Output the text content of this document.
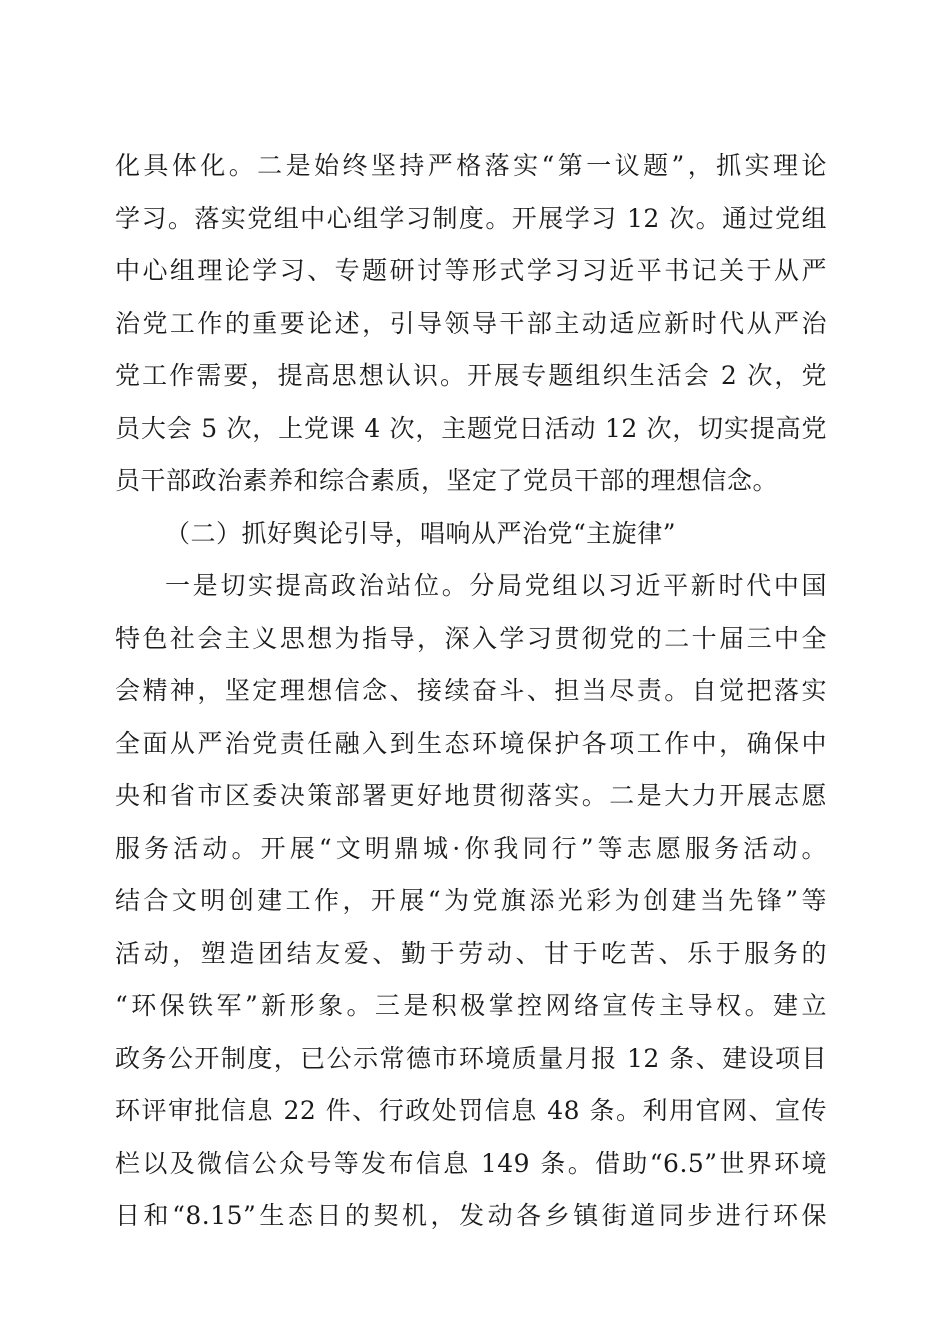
化具体化。二是始终坚持严格落实“第一议题”，抓实理论
学习。落实党组中心组学习制度。开展学习 12 次。通过党组
中心组理论学习、专题研讨等形式学习习近平书记关于从严
治党工作的重要论述，引导领导干部主动适应新时代从严治
党工作需要，提高思想认识。开展专题组织生活会 2 次，党
员大会 5 次，上党课 4 次，主题党日活动 12 次，切实提高党
员干部政治素养和综合素质，坚定了党员干部的理想信念。
（二）抓好舆论引导，唱响从严治党“主旋律”
一是切实提高政治站位。分局党组以习近平新时代中国
特色社会主义思想为指导，深入学习贯彻党的二十届三中全
会精神，坚定理想信念、接续奋斗、担当尽责。自觉把落实
全面从严治党责任融入到生态环境保护各项工作中，确保中
央和省市区委决策部署更好地贯彻落实。二是大力开展志愿
服务活动。开展“文明鼎城·你我同行”等志愿服务活动。
结合文明创建工作，开展“为党旗添光彩为创建当先锋”等
活动，塑造团结友爱、勤于劳动、甘于吃苦、乐于服务的
“环保铁军”新形象。三是积极掌控网络宣传主导权。建立
政务公开制度，已公示常德市环境质量月报 12 条、建设项目
环评审批信息 22 件、行政处罚信息 48 条。利用官网、宣传
栏以及微信公众号等发布信息 149 条。借助“6.5”世界环境
日和“8.15”生态日的契机，发动各乡镇街道同步进行环保
